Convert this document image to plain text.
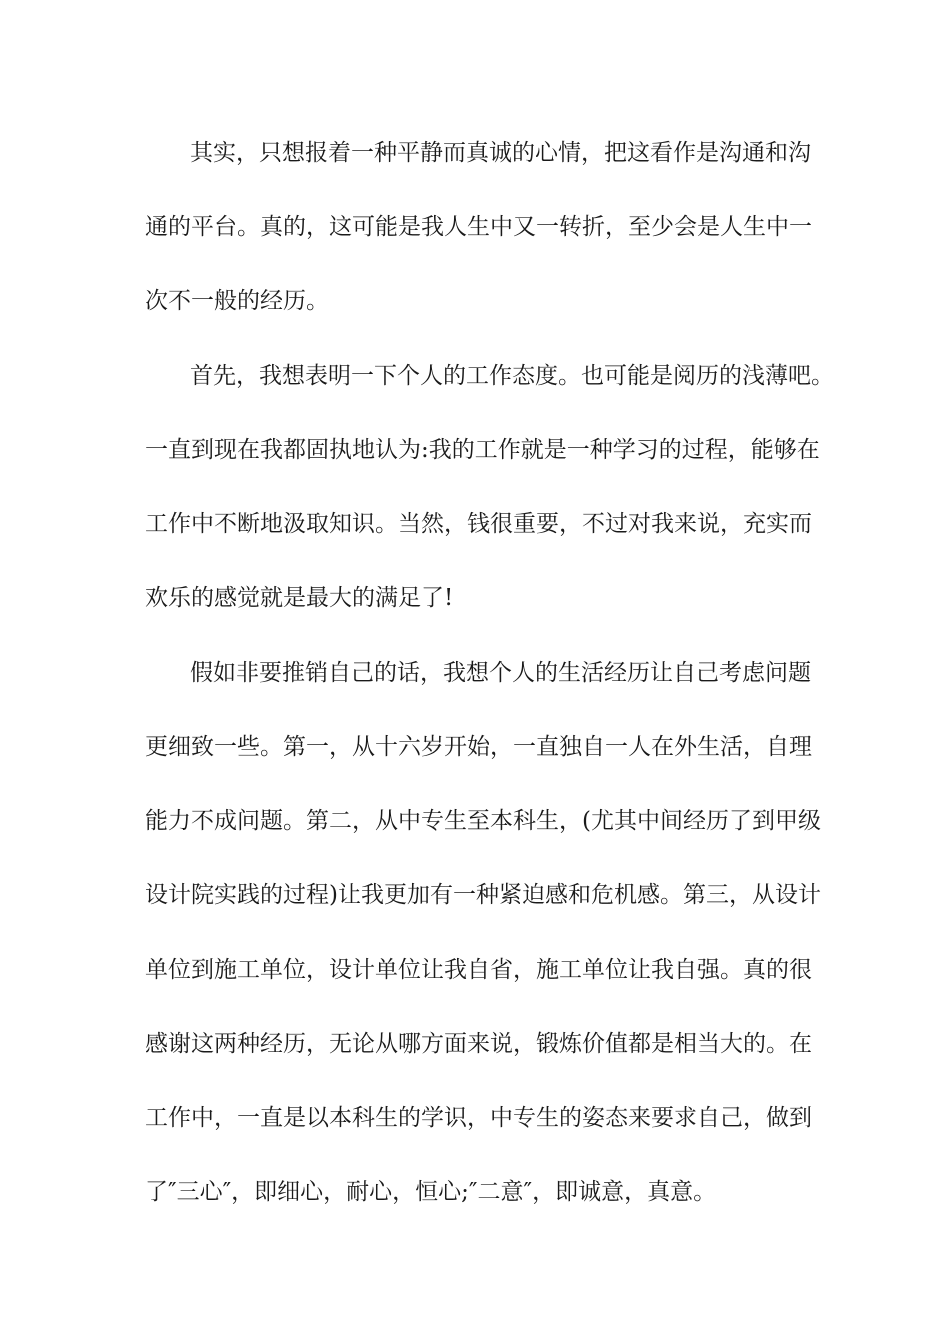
其实，只想报着一种平静而真诚的心情，把这看作是沟通和沟
通的平台。真的，这可能是我人生中又一转折，至少会是人生中一
次不一般的经历。
首先，我想表明一下个人的工作态度。也可能是阅历的浅薄吧。
一直到现在我都固执地认为:我的工作就是一种学习的过程，能够在
工作中不断地汲取知识。当然，钱很重要，不过对我来说，充实而
欢乐的感觉就是最大的满足了!
假如非要推销自己的话，我想个人的生活经历让自己考虑问题
更细致一些。第一，从十六岁开始，一直独自一人在外生活，自理
能力不成问题。第二，从中专生至本科生，(尤其中间经历了到甲级
设计院实践的过程)让我更加有一种紧迫感和危机感。第三，从设计
单位到施工单位，设计单位让我自省，施工单位让我自强。真的很
感谢这两种经历，无论从哪方面来说，锻炼价值都是相当大的。在
工作中，一直是以本科生的学识，中专生的姿态来要求自己，做到
了″三心″，即细心，耐心，恒心;″二意″，即诚意，真意。
